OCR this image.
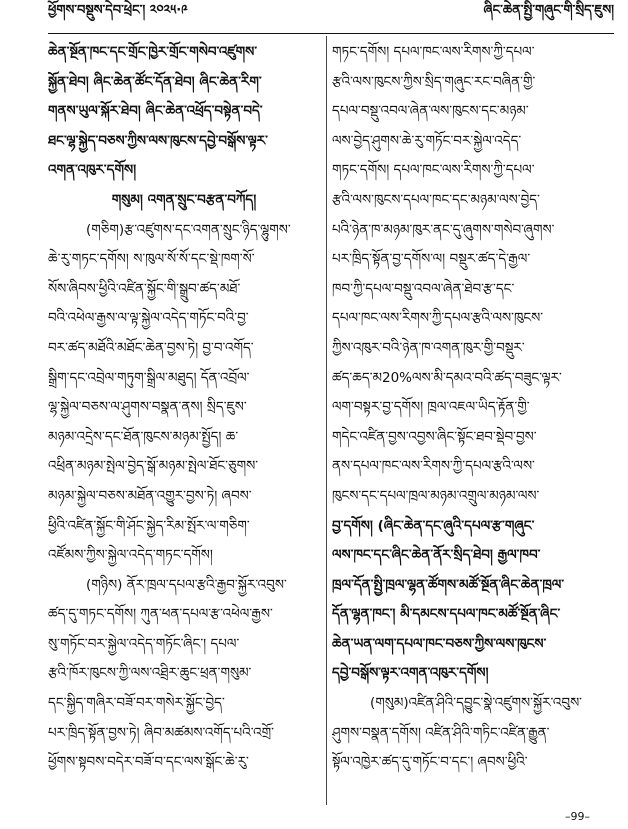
ཕྱོགས་བསྡུས་དེབ་ཕྲེང༌། ༢༠༢༥·༩	ཞིང་ཆེན་སྤྱི་གཞུང་གི་སྲིད་ཇུས།
ཆེན་སྔོན་ཁང་དང་གྲོང་ཁྱེར་གྲོང་གསེབ་འཛུགས་
སྐྱོན་ཐེབ། ཞིང་ཆེན་ཚོང་དོན་ཐེབ། ཞིང་ཆེན་རིག་
གནས་ཡུལ་སྐོར་ཐེབ། ཞིང་ཆེན་འཕྲོད་བསྟེན་བདེ་
ཐང་ལྷ་སྐྱེད་བཅས་ཀྱིས་ལས་ཁུངས་དབྱེ་བསྒོས་ལྟར་
འགན་འཁུར་དགོས།
གསུམ། འགན་སྲུང་བརྩན་བཀོད།
(གཅིག)རྩ་འཛུགས་དང་འགན་སྲུང་ཉིད་ལྷུགས་
ཆེ་རུ་གཏང་དགོས། ས་ཁུལ་སོ་སོ་དང་སྡེ་ཁག་སོ་
སོས་ཞིབས་ཕྱིའི་འཛིན་སྐྱོང་གི་སྒྲུབ་ཚད་མཐོ་
བའི་འཕེལ་རྒྱས་ལ་ལྟ་སྐྱེལ་འདེད་གཏོང་བའི་བྱ་
བར་ཚད་མཐོའི་མཐོང་ཆེན་བྱས་ཏེ། བྱ་བ་འགོད་
སྒྲིག་དང་འབྲེལ་གཏུག་སྒྲིལ་མཐུད། དོན་འབྲོལ་
ལྷ་སྐྱེལ་བཅས་ལ་ཤུགས་བསྣན་ནས། སྲིད་ཇུས་
མཉམ་འདྲེས་དང་ཐོན་ཁུངས་མཉམ་སྤྱོད། ཆ་
འཕྲིན་མཉམ་སྤེལ་བྱེད་སྒོ་མཉམ་སྤེལ་ཐོང་ཅུགས་
མཉམ་སྐྱེལ་བཅས་མཐོན་འགྱུར་བྱས་ཏེ། ཞབས་
ཕྱིའི་འཛིན་སྐྱོང་གི་ཤོང་སྐྱེད་རིམ་སྤོར་ལ་གཅིག་
འཛོམས་ཀྱིས་སྐྱེལ་འདེད་གཏང་དགོས།
(གཉིས) ནོར་ཁྲལ་དཔལ་རྩའི་རྒྱབ་སྐྱོར་འབུས་
ཚད་དུ་གཏང་དགོས། ཀུན་ཕན་དཔལ་རྩ་འཕེལ་རྒྱས་
སུ་གཏོང་བར་སྐྱེལ་འདེད་གཏོང་ཞིང་། དཔལ་
རྩའི་ཁོར་ཁུངས་ཀྱི་ལས་འཐྲིར་ཆུང་ཕྲན་གསུམ་
དང་སྐྱིད་གཞིར་བཟོ་བར་གསེར་སྐྱོང་བྱེད་
པར་ཁྲིད་སྟོན་བྱས་ཏེ། ཞིབ་མཚམས་འགོད་པའི་འགྲོ་
ཕྱོགས་སྟབས་བདེར་བཟོ་བ་དང་ལས་སྒོང་ཆེ་རུ་
གཏང་དགོས། དཔལ་ཁང་ལས་རིགས་ཀྱི་དཔལ་
རྩའི་ལས་ཁུངས་ཀྱིས་སྲིད་གཞུང་རང་བཞིན་གྱི་
དཔལ་བསྡུ་འབལ་ཞེན་ལས་ཁུངས་དང་མཉམ་
ལས་བྱེད་ཤུགས་ཆེ་རུ་གཏོང་བར་སྐྱེལ་འདེད་
གཏང་དགོས། དཔལ་ཁང་ལས་རིགས་ཀྱི་དཔལ་
རྩའི་ལས་ཁུངས་དཔལ་ཁང་དང་མཉམ་ལས་བྱེད་
པའི་ཉེན་ཁ་མཉམ་ཁུར་ནང་དུ་ཞུགས་གསེབ་ཞུགས་
པར་ཁྲིད་སྟོན་བྱ་དགོས་ལ། བསྡུར་ཚད་དེ་རྒྱལ་
ཁབ་ཀྱི་དཔལ་བསྡུ་འབལ་ཞེན་ཐེབ་རྩ་དང་
དཔལ་ཁང་ལས་རིགས་ཀྱི་དཔལ་རྩའི་ལས་ཁུངས་
ཀྱིས་འཁུར་བའི་ཉེན་ཁ་འགན་ཁུར་གྱི་བསྡུར་
ཚད་ཆད་མ20%ལས་མི་དམའ་བའི་ཚད་བཟུང་ལྟར་
ལག་བསྟར་བྱ་དགོས། ཁྲལ་འཇལ་ཡིད་རྟོན་གྱི་
གདེང་འཛིན་བྱས་འབྱས་ཞིང་སྟོང་ཐབ་སྡེབ་བྱས་
ནས་དཔལ་ཁང་ལས་རིགས་ཀྱི་དཔལ་རྩའི་ལས་
ཁུངས་དང་དཔལ་ཁྲལ་མཉམ་འགྲུལ་མཉམ་ལས་
བྱ་དགོས། (ཞིང་ཆེན་དང་ཞུའི་དཔལ་རྩ་གཞུང་
ལས་ཁང་དང་ཞིང་ཆེན་ནོར་སྲིད་ཐེབ། རྒྱལ་ཁབ་
ཁྲལ་དོན་སྤྱི་ཁྲལ་ལྷན་ཚོགས་མཚོ་སྔོན་ཞིང་ཆེན་ཁྲལ་
དོན་ལྷན་ཁང་། མི་དམངས་དཔལ་ཁང་མཚོ་སྔོན་ཞིང་
ཆེན་ཡན་ལག་དཔལ་ཁང་བཅས་ཀྱིས་ལས་ཁུངས་
དབྱེ་བསྒོས་ལྟར་འགན་འཁུར་དགོས།
(གསུམ)འཛིན་ཤིའི་དབྱུང་སྣེ་འཛུགས་སྐྱོར་འབུས་
ཤུགས་བསྣན་དགོས། འཛིན་ཤིའི་གཏིང་འཛིན་རྒྱུན་
སྟོལ་འཁྱེར་ཚད་དུ་གཏོང་བ་དང་། ཞབས་ཕྱིའི་
–99–
